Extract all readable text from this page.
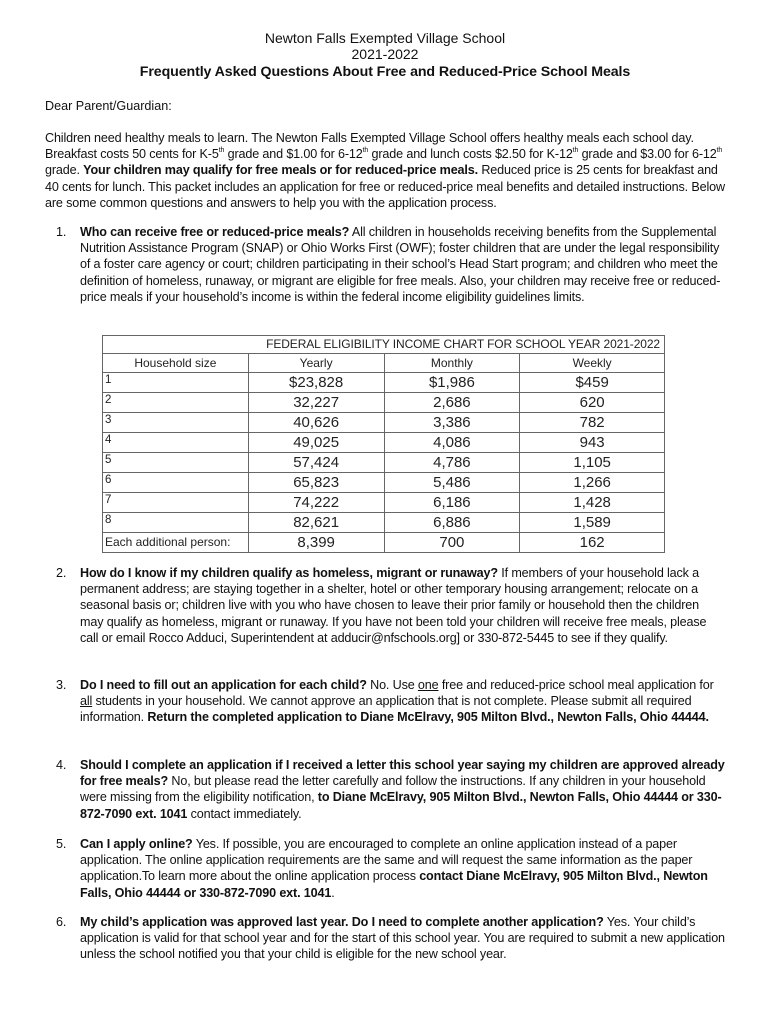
Newton Falls Exempted Village School
2021-2022
Frequently Asked Questions About Free and Reduced-Price School Meals
Dear Parent/Guardian:
Children need healthy meals to learn. The Newton Falls Exempted Village School offers healthy meals each school day. Breakfast costs 50 cents for K-5th grade and $1.00 for 6-12th grade and lunch costs $2.50 for K-12th grade and $3.00 for 6-12th grade. Your children may qualify for free meals or for reduced-price meals. Reduced price is 25 cents for breakfast and 40 cents for lunch. This packet includes an application for free or reduced-price meal benefits and detailed instructions. Below are some common questions and answers to help you with the application process.
1. Who can receive free or reduced-price meals? All children in households receiving benefits from the Supplemental Nutrition Assistance Program (SNAP) or Ohio Works First (OWF); foster children that are under the legal responsibility of a foster care agency or court; children participating in their school’s Head Start program; and children who meet the definition of homeless, runaway, or migrant are eligible for free meals. Also, your children may receive free or reduced-price meals if your household’s income is within the federal income eligibility guidelines limits.
FEDERAL ELIGIBILITY INCOME CHART FOR SCHOOL YEAR 2021-2022			
Household size	Yearly	Monthly	Weekly
1	$23,828	$1,986	$459
2	32,227	2,686	620
3	40,626	3,386	782
4	49,025	4,086	943
5	57,424	4,786	1,105
6	65,823	5,486	1,266
7	74,222	6,186	1,428
8	82,621	6,886	1,589
Each additional person:	8,399	700	162
2. How do I know if my children qualify as homeless, migrant or runaway? If members of your household lack a permanent address; are staying together in a shelter, hotel or other temporary housing arrangement; relocate on a seasonal basis or; children live with you who have chosen to leave their prior family or household then the children may qualify as homeless, migrant or runaway. If you have not been told your children will receive free meals, please call or email Rocco Adduci, Superintendent at adducir@nfschools.org] or 330-872-5445 to see if they qualify.
3. Do I need to fill out an application for each child? No. Use one free and reduced-price school meal application for all students in your household. We cannot approve an application that is not complete. Please submit all required information. Return the completed application to Diane McElravy, 905 Milton Blvd., Newton Falls, Ohio 44444.
4. Should I complete an application if I received a letter this school year saying my children are approved already for free meals? No, but please read the letter carefully and follow the instructions. If any children in your household were missing from the eligibility notification, to Diane McElravy, 905 Milton Blvd., Newton Falls, Ohio 44444 or 330-872-7090 ext. 1041 contact immediately.
5. Can I apply online? Yes. If possible, you are encouraged to complete an online application instead of a paper application. The online application requirements are the same and will request the same information as the paper application.To learn more about the online application process contact Diane McElravy, 905 Milton Blvd., Newton Falls, Ohio 44444 or 330-872-7090 ext. 1041.
6. My child’s application was approved last year. Do I need to complete another application? Yes. Your child’s application is valid for that school year and for the start of this school year. You are required to submit a new application unless the school notified you that your child is eligible for the new school year.
